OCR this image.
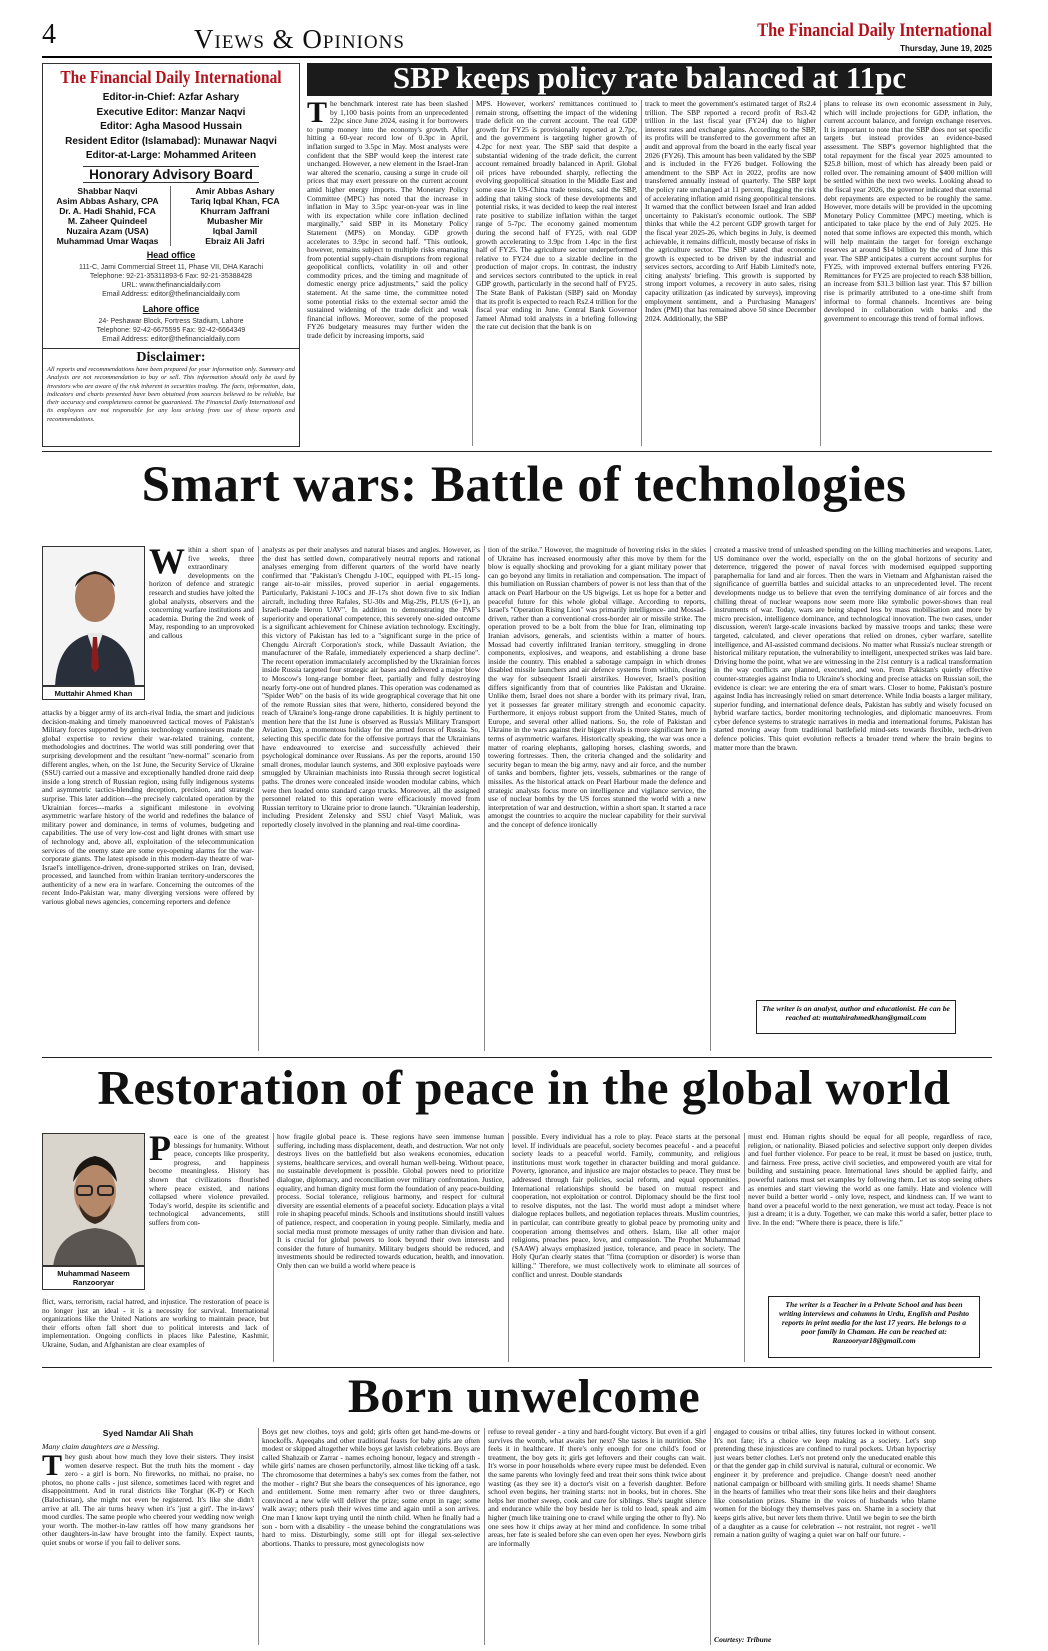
4	Views & Opinions	The Financial Daily International
Thursday, June 19, 2025
The Financial Daily International
Editor-in-Chief: Azfar Ashary
Executive Editor: Manzar Naqvi
Editor: Agha Masood Hussain
Resident Editor (Islamabad): Munawar Naqvi
Editor-at-Large: Mohammed Ariteen
Honorary Advisory Board
Shabbar Naqvi
Asim Abbas Ashary, CPA
Dr. A. Hadi Shahid, FCA
M. Zaheer Quindeel
Nuzaira Azam (USA)
Muhammad Umar Waqas
Amir Abbas Ashary
Tariq Iqbal Khan, FCA
Khurram Jaffrani
Mubasher Mir
Iqbal Jamil
Ebraiz Ali Jafri
Head office
111-C, Jami Commercial Street 11, Phase VII, DHA Karachi
Telephone: 92-21-35311893-6 Fax: 92-21-35388428
URL: www.thefinancialdaily.com
Email Address: editor@thefinancialdaily.com
Lahore office
24- Peshawar Block, Fortress Stadium, Lahore
Telephone: 92-42-6675595 Fax: 92-42-6664349
Email Address: editor@thefinancialdaily.com
Disclaimer:
All reports and recommendations have been prepared for your information only. Summary and Analysis are not recommendation to buy or sell. This information should only be used by investors who are aware of the risk inherent in securities trading. The facts, information, data, indicators and charts presented have been obtained from sources believed to be reliable, but their accuracy and completeness cannot be guaranteed. The Financial Daily International and its employees are not responsible for any loss arising from use of these reports and recommendations.
SBP keeps policy rate balanced at 11pc
The benchmark interest rate has been slashed by 1,100 basis points from an unprecedented 22pc since June 2024, easing it for borrowers to pump money into the economy's growth. After hitting a 60-year record low of 0.3pc in April, inflation surged to 3.5pc in May. Most analysts were confident that the SBP would keep the interest rate unchanged. However, a new element in the Israel-Iran war altered the scenario, causing a surge in crude oil prices that may exert pressure on the current account amid higher energy imports. The Monetary Policy Committee (MPC) has noted that the increase in inflation in May to 3.5pc year-on-year was in line with its expectation while core inflation declined marginally," said SBP in its Monetary Policy Statement (MPS) on Monday. GDP growth accelerates to 3.9pc in second half. "This outlook, however, remains subject to multiple risks emanating from potential supply-chain disruptions from regional geopolitical conflicts, volatility in oil and other commodity prices, and the timing and magnitude of domestic energy price adjustments," said the policy statement. At the same time, the committee noted some potential risks to the external sector amid the sustained widening of the trade deficit and weak financial inflows. Moreover, some of the proposed FY26 budgetary measures may further widen the trade deficit by increasing imports, said
MPS. However, workers' remittances continued to remain strong, offsetting the impact of the widening trade deficit on the current account. The real GDP growth for FY25 is provisionally reported at 2.7pc, and the government is targeting higher growth of 4.2pc for next year. The SBP said that despite a substantial widening of the trade deficit, the current account remained broadly balanced in April. Global oil prices have rebounded sharply, reflecting the evolving geopolitical situation in the Middle East and some ease in US-China trade tensions, said the SBP, adding that taking stock of these developments and potential risks, it was decided to keep the real interest rate positive to stabilize inflation within the target range of 5-7pc. The economy gained momentum during the second half of FY25, with real GDP growth accelerating to 3.9pc from 1.4pc in the first half of FY25. The agriculture sector underperformed relative to FY24 due to a sizable decline in the production of major crops. In contrast, the industry and services sectors contributed to the uptick in real GDP growth, particularly in the second half of FY25. The State Bank of Pakistan (SBP) said on Monday that its profit is expected to reach Rs2.4 trillion for the fiscal year ending in June. Central Bank Governor Jameel Ahmad told analysts in a briefing following the rate cut decision that the bank is on
track to meet the government's estimated target of Rs2.4 trillion. The SBP reported a record profit of Rs3.42 trillion in the last fiscal year (FY24) due to higher interest rates and exchange gains. According to the SBP, its profits will be transferred to the government after an audit and approval from the board in the early fiscal year 2026 (FY26). This amount has been validated by the SBP and is included in the FY26 budget. Following the amendment to the SBP Act in 2022, profits are now transferred annually instead of quarterly. The SBP kept the policy rate unchanged at 11 percent, flagging the risk of accelerating inflation amid rising geopolitical tensions. It warned that the conflict between Israel and Iran added uncertainty to Pakistan's economic outlook. The SBP thinks that while the 4.2 percent GDP growth target for the fiscal year 2025-26, which begins in July, is deemed achievable, it remains difficult, mostly because of risks in the agriculture sector. The SBP stated that economic growth is expected to be driven by the industrial and services sectors, according to Arif Habib Limited's note, citing analysts' briefing. This growth is supported by strong import volumes, a recovery in auto sales, rising capacity utilization (as indicated by surveys), improving employment sentiment, and a Purchasing Managers' Index (PMI) that has remained above 50 since December 2024. Additionally, the SBP
plans to release its own economic assessment in July, which will include projections for GDP, inflation, the current account balance, and foreign exchange reserves. It is important to note that the SBP does not set specific targets but instead provides an evidence-based assessment. The SBP's governor highlighted that the total repayment for the fiscal year 2025 amounted to $25.8 billion, most of which has already been paid or rolled over. The remaining amount of $400 million will be settled within the next two weeks. Looking ahead to the fiscal year 2026, the governor indicated that external debt repayments are expected to be roughly the same. However, more details will be provided in the upcoming Monetary Policy Committee (MPC) meeting, which is anticipated to take place by the end of July 2025. He noted that some inflows are expected this month, which will help maintain the target for foreign exchange reserves at around $14 billion by the end of June this year. The SBP anticipates a current account surplus for FY25, with improved external buffers entering FY26. Remittances for FY25 are projected to reach $38 billion, an increase from $31.3 billion last year. This $7 billion rise is primarily attributed to a one-time shift from informal to formal channels. Incentives are being developed in collaboration with banks and the government to encourage this trend of formal inflows.
Smart wars: Battle of technologies
Muttahir Ahmed Khan
Within a short span of five weeks, three extraordinary developments on the horizon of defence and strategic research and studies have jolted the global analysts, observers and the concerning warfare institutions and academia. During the 2nd week of May, responding to an unprovoked and callous
attacks by a bigger army of its arch-rival India, the smart and judicious decision-making and timely manoeuvred tactical moves of Pakistan's Military forces supported by genius technology connoisseurs made the global expertise to review their war-related training, content, methodologies and doctrines. The world was still pondering over that surprising development and the resultant "new-normal" scenario from different angles, when, on the 1st June, the Security Service of Ukraine (SSU) carried out a massive and exceptionally handled drone raid deep inside a long stretch of Russian region, using fully indigenous systems and asymmetric tactics-blending deception, precision, and strategic surprise. This later addition---the precisely calculated operation by the Ukrainian forces---marks a significant milestone in evolving asymmetric warfare history of the world and redefines the balance of military power and dominance, in terms of volumes, budgeting and capabilities. The use of very low-cost and light drones with smart use of technology and, above all, exploitation of the telecommunication services of the enemy state are some eye-opening alarms for the war-corporate giants. The latest episode in this modern-day theatre of war-Israel's intelligence-driven, drone-supported strikes on Iran, devised, processed, and launched from within Iranian territory-underscores the authenticity of a new era in warfare. Concerning the outcomes of the recent Indo-Pakistan war, many diverging versions were offered by various global news agencies, concerning reporters and defence
analysts as per their analyses and natural biases and angles. However, as the dust has settled down, comparatively neutral reports and rational analyses emerging from different quarters of the world have nearly confirmed that "Pakistan's Chengdu J-10C, equipped with PL-15 long-range air-to-air missiles, proved superior in aerial engagements. Particularly, Pakistani J-10Cs and JF-17s shot down five to six Indian aircraft, including three Rafales, SU-30s and Mig-29s, PLUS (6+1), an Israeli-made Heron UAV". In addition to demonstrating the PAF's superiority and operational competence, this severely one-sided outcome is a significant achievement for Chinese aviation technology. Excitingly, this victory of Pakistan has led to a "significant surge in the price of Chengdu Aircraft Corporation's stock, while Dassault Aviation, the manufacturer of the Rafale, immediately experienced a sharp decline". The recent operation immaculately accomplished by the Ukrainian forces inside Russia targeted four strategic air bases and delivered a major blow to Moscow's long-range bomber fleet, partially and fully destroying nearly forty-one out of hundred planes. This operation was codenamed as "Spider Web" on the basis of its wide geographical coverage that hit one of the remote Russian sites that were, hitherto, considered beyond the reach of Ukraine's long-range drone capabilities. It is highly pertinent to mention here that the 1st June is observed as Russia's Military Transport Aviation Day, a momentous holiday for the armed forces of Russia. So, selecting this specific date for the offensive portrays that the Ukrainians have endeavoured to exercise and successfully achieved their psychological dominance over Russians. As per the reports, around 150 small drones, modular launch systems, and 300 explosive payloads were smuggled by Ukrainian machinists into Russia through secret logistical paths. The drones were concealed inside wooden modular cabins, which were then loaded onto standard cargo trucks. Moreover, all the assigned personnel related to this operation were efficaciously moved from Russian territory to Ukraine prior to drone launch. "Ukrainian leadership, including President Zelensky and SSU chief Vasyl Maliuk, was reportedly closely involved in the planning and real-time coordina-
tion of the strike." However, the magnitude of hovering risks in the skies of Ukraine has increased enormously after this move by them for the blow is equally shocking and provoking for a giant military power that can go beyond any limits in retaliation and compensation. The impact of this humiliation on Russian chambers of power is not less than that of the attack on Pearl Harbour on the US bigwigs. Let us hope for a better and peaceful future for this whole global village. According to reports, Israel's "Operation Rising Lion" was primarily intelligence- and Mossad-driven, rather than a conventional cross-border air or missile strike. The operation proved to be a bolt from the blue for Iran, eliminating top Iranian advisors, generals, and scientists within a matter of hours. Mossad had covertly infiltrated Iranian territory, smuggling in drone components, explosives, and weapons, and establishing a drone base inside the country. This enabled a sabotage campaign in which drones disabled missile launchers and air defence systems from within, clearing the way for subsequent Israeli airstrikes. However, Israel's position differs significantly from that of countries like Pakistan and Ukraine. Unlike them, Israel does not share a border with its primary rival, Iran, yet it possesses far greater military strength and economic capacity. Furthermore, it enjoys robust support from the United States, much of Europe, and several other allied nations. So, the role of Pakistan and Ukraine in the wars against their bigger rivals is more significant here in terms of asymmetric warfares. Historically speaking, the war was once a matter of roaring elephants, galloping horses, clashing swords, and towering fortresses. Then, the criteria changed and the solidarity and security began to mean the big army, navy and air force, and the number of tanks and bombers, fighter jets, vessels, submarines or the range of missiles. As the historical attack on Pearl Harbour made the defence and strategic analysts focus more on intelligence and vigilance service, the use of nuclear bombs by the US forces stunned the world with a new interpretation of war and destruction, within a short span. It started a race amongst the countries to acquire the nuclear capability for their survival and the concept of defence ironically
created a massive trend of unleashed spending on the killing machineries and weapons. Later, US dominance over the world, especially on the on the global horizons of security and deterrence, triggered the power of naval forces with modernised equipped supporting paraphernalia for land and air forces. Then the wars in Vietnam and Afghanistan raised the significance of guerrilla battles and suicidal attacks to an unprecedented level. The recent developments nudge us to believe that even the terrifying dominance of air forces and the chilling threat of nuclear weapons now seem more like symbolic power-shows than real instruments of war. Today, wars are being shaped less by mass mobilisation and more by micro precision, intelligence dominance, and technological innovation. The two cases, under discussion, weren't large-scale invasions backed by massive troops and tanks; these were targeted, calculated, and clever operations that relied on drones, cyber warfare, satellite intelligence, and AI-assisted command decisions. No matter what Russia's nuclear strength or historical military reputation, the vulnerability to intelligent, unexpected strikes was laid bare. Driving home the point, what we are witnessing in the 21st century is a radical transformation in the way conflicts are planned, executed, and won. From Pakistan's quietly effective counter-strategies against India to Ukraine's shocking and precise attacks on Russian soil, the evidence is clear: we are entering the era of smart wars. Closer to home, Pakistan's posture against India has increasingly relied on smart deterrence. While India boasts a larger military, superior funding, and international defence deals, Pakistan has subtly and wisely focused on hybrid warfare tactics, border monitoring technologies, and diplomatic manoeuvres. From cyber defence systems to strategic narratives in media and international forums, Pakistan has started moving away from traditional battlefield mind-sets towards flexible, tech-driven defence policies. This quiet evolution reflects a broader trend where the brain begins to matter more than the brawn.
The writer is an analyst, author and educationist. He can be reached at: muttahirahmedkhan@gmail.com
Restoration of peace in the global world
Muhammad Naseem
Ranzooryar
Peace is one of the greatest blessings for humanity. Without peace, concepts like prosperity, progress, and happiness become meaningless. History has shown that civilizations flourished where peace existed, and nations collapsed where violence prevailed. Today's world, despite its scientific and technological advancements, still suffers from con-
flict, wars, terrorism, racial hatred, and injustice. The restoration of peace is no longer just an ideal - it is a necessity for survival. International organizations like the United Nations are working to maintain peace, but their efforts often fall short due to political interests and lack of implementation. Ongoing conflicts in places like Palestine, Kashmir, Ukraine, Sudan, and Afghanistan are clear examples of
how fragile global peace is. These regions have seen immense human suffering, including mass displacement, death, and destruction. War not only destroys lives on the battlefield but also weakens economies, education systems, healthcare services, and overall human well-being. Without peace, no sustainable development is possible. Global powers need to prioritize dialogue, diplomacy, and reconciliation over military confrontation. Justice, equality, and human dignity must form the foundation of any peace-building process. Social tolerance, religious harmony, and respect for cultural diversity are essential elements of a peaceful society. Education plays a vital role in shaping peaceful minds. Schools and institutions should instill values of patience, respect, and cooperation in young people. Similarly, media and social media must promote messages of unity rather than division and hate. It is crucial for global powers to look beyond their own interests and consider the future of humanity. Military budgets should be reduced, and investments should be redirected towards education, health, and innovation. Only then can we build a world where peace is
possible. Every individual has a role to play. Peace starts at the personal level. If individuals are peaceful, society becomes peaceful - and a peaceful society leads to a peaceful world. Family, community, and religious institutions must work together in character building and moral guidance. Poverty, ignorance, and injustice are major obstacles to peace. They must be addressed through fair policies, social reform, and equal opportunities. International relationships should be based on mutual respect and cooperation, not exploitation or control. Diplomacy should be the first tool to resolve disputes, not the last. The world must adopt a mindset where dialogue replaces bullets, and negotiation replaces threats. Muslim countries, in particular, can contribute greatly to global peace by promoting unity and cooperation among themselves and others. Islam, like all other major religions, preaches peace, love, and compassion. The Prophet Muhammad (SAAW) always emphasized justice, tolerance, and peace in society. The Holy Qur'an clearly states that "fitna (corruption or disorder) is worse than killing." Therefore, we must collectively work to eliminate all sources of conflict and unrest. Double standards
must end. Human rights should be equal for all people, regardless of race, religion, or nationality. Biased policies and selective support only deepen divides and fuel further violence. For peace to be real, it must be based on justice, truth, and fairness. Free press, active civil societies, and empowered youth are vital for building and sustaining peace. International laws should be applied fairly, and powerful nations must set examples by following them. Let us stop seeing others as enemies and start viewing the world as one family. Hate and violence will never build a better world - only love, respect, and kindness can. If we want to hand over a peaceful world to the next generation, we must act today. Peace is not just a dream; it is a duty. Together, we can make this world a safer, better place to live. In the end: "Where there is peace, there is life."
The writer is a Teacher in a Private School and has been writing interviews and columns in Urdu, English and Pashto reports in print media for the last 17 years. He belongs to a poor family in Chaman. He can be reached at: Ranzooryar18@gmail.com
Born unwelcome
Syed Namdar Ali Shah
Many claim daughters are a blessing.
They gush about how much they love their sisters. They insist women deserve respect. But the truth hits the moment - day zero - a girl is born. No fireworks, no mithai, no praise, no photos, no phone calls - just silence, sometimes laced with regret and disappointment. And in rural districts like Torghar (K-P) or Kech (Balochistan), she might not even be registered. It's like she didn't arrive at all. The air turns heavy when it's 'just a girl'. The in-laws' mood curdles. The same people who cheered your wedding now weigh your worth. The mother-in-law rattles off how many grandsons her other daughters-in-law have brought into the family. Expect taunts, quiet snubs or worse if you fail to deliver sons.
Boys get new clothes, toys and gold; girls often get hand-me-downs or knockoffs. Aqeeqahs and other traditional feasts for baby girls are often modest or skipped altogether while boys get lavish celebrations. Boys are called Shahzaib or Zarrar - names echoing honour, legacy and strength - while girls' names are chosen perfunctorily, almost like ticking off a task. The chromosome that determines a baby's sex comes from the father, not the mother - right? But she bears the consequences of his ignorance, ego and entitlement. Some men remarry after two or three daughters, convinced a new wife will deliver the prize; some erupt in rage; some walk away; others push their wives time and again until a son arrives. One man I know kept trying until the ninth child. When he finally had a son - born with a disability - the unease behind the congratulations was hard to miss. Disturbingly, some still opt for illegal sex-selective abortions. Thanks to pressure, most gynecologists now
refuse to reveal gender - a tiny and hard-fought victory. But even if a girl survives the womb, what awaits her next? She tastes it in nutrition. She feels it in healthcare. If there's only enough for one child's food or treatment, the boy gets it; girls get leftovers and their coughs can wait. It's worse in poor households where every rupee must be defended. Even the same parents who lovingly feed and treat their sons think twice about wasting (as they see it) a doctor's visit on a feverish daughter. Before school even begins, her training starts: not in books, but in chores. She helps her mother sweep, cook and care for siblings. She's taught silence and endurance while the boy beside her is told to lead, speak and aim higher (much like training one to crawl while urging the other to fly). No one sees how it chips away at her mind and confidence. In some tribal areas, her fate is sealed before she can even open her eyes. Newborn girls are informally
engaged to cousins or tribal allies, tiny futures locked in without consent. It's not fate; it's a choice we keep making as a society. Let's stop pretending these injustices are confined to rural pockets. Urban hypocrisy just wears better clothes. Let's not pretend only the uneducated enable this or that the gender gap in child survival is natural, cultural or economic. We engineer it by preference and prejudice. Change doesn't need another national campaign or billboard with smiling girls. It needs shame! Shame in the hearts of families who treat their sons like heirs and their daughters like consolation prizes. Shame in the voices of husbands who blame women for the biology they themselves pass on. Shame in a society that keeps girls alive, but never lets them thrive. Until we begin to see the birth of a daughter as a cause for celebration -- not restraint, not regret - we'll remain a nation guilty of waging a quiet war on half our future. -
Courtesy: Tribune
